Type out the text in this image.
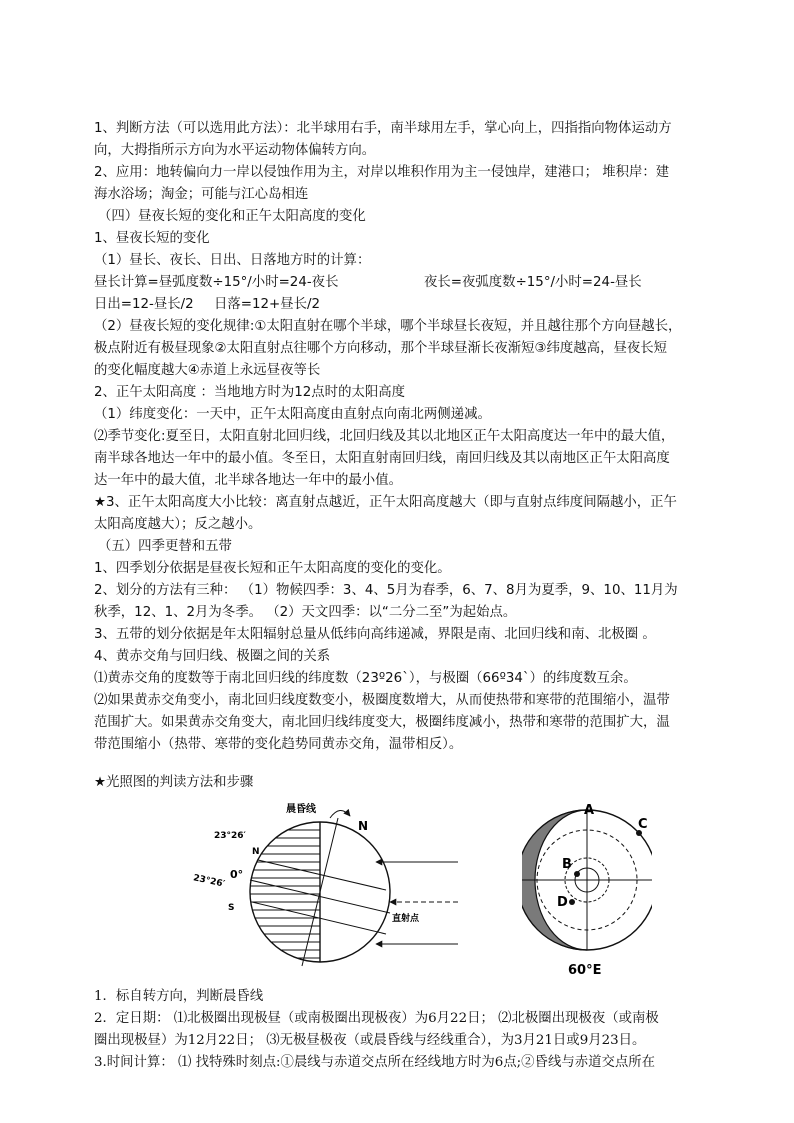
1、判断方法（可以选用此方法）：北半球用右手，南半球用左手，掌心向上，四指指向物体运动方

向，大拇指所示方向为水平运动物体偏转方向。

2、应用：地转偏向力一岸以侵蚀作用为主，对岸以堆积作用为主一侵蚀岸，建港口； 堆积岸：建

海水浴场；淘金；可能与江心岛相连

（四）昼夜长短的变化和正午太阳高度的变化

1、昼夜长短的变化

（1）昼长、夜长、日出、日落地方时的计算：

昼长计算=昼弧度数÷15°/小时=24-夜长	夜长=夜弧度数÷15°/小时=24-昼长
日出=12-昼长/2	日落=12+昼长/2

（2）昼夜长短的变化规律:①太阳直射在哪个半球，哪个半球昼长夜短，并且越往那个方向昼越长，

极点附近有极昼现象②太阳直射点往哪个方向移动，那个半球昼渐长夜渐短③纬度越高，昼夜长短

的变化幅度越大④赤道上永远昼夜等长

2、正午太阳高度 ：当地地方时为12点时的太阳高度

（1）纬度变化：一天中，正午太阳高度由直射点向南北两侧递减。

⑵季节变化:夏至日，太阳直射北回归线，北回归线及其以北地区正午太阳高度达一年中的最大值，

南半球各地达一年中的最小值。冬至日，太阳直射南回归线，南回归线及其以南地区正午太阳高度

达一年中的最大值，北半球各地达一年中的最小值。

★3、正午太阳高度大小比较：离直射点越近，正午太阳高度越大（即与直射点纬度间隔越小，正午

太阳高度越大）；反之越小。

（五）四季更替和五带

1、四季划分依据是昼夜长短和正午太阳高度的变化的变化。

2、划分的方法有三种： （1）物候四季：3、4、5月为春季，6、7、8月为夏季，9、10、11月为

秋季，12、1、2月为冬季。 （2）天文四季：以“二分二至”为起始点。

3、五带的划分依据是年太阳辐射总量从低纬向高纬递减，界限是南、北回归线和南、北极圈 。

4、黄赤交角与回归线、极圈之间的关系

⑴黄赤交角的度数等于南北回归线的纬度数（23º26`），与极圈（66º34`）的纬度数互余。

⑵如果黄赤交角变小，南北回归线度数变小，极圈度数增大，从而使热带和寒带的范围缩小，温带

范围扩大。如果黄赤交角变大，南北回归线纬度变大，极圈纬度减小，热带和寒带的范围扩大，温

带范围缩小（热带、寒带的变化趋势同黄赤交角，温带相反）。

★光照图的判读方法和步骤

晨昏线
N
23°26′
N
0°
23°26′
S
直射点
A
B
C
D
60°E

1．标自转方向，判断晨昏线

2．定日期： ⑴北极圈出现极昼（或南极圈出现极夜）为6月22日； ⑵北极圈出现极夜（或南极

圈出现极昼）为12月22日； ⑶无极昼极夜（或晨昏线与经线重合），为3月21日或9月23日。

3.时间计算： ⑴ 找特殊时刻点:①晨线与赤道交点所在经线地方时为6点;②昏线与赤道交点所在
